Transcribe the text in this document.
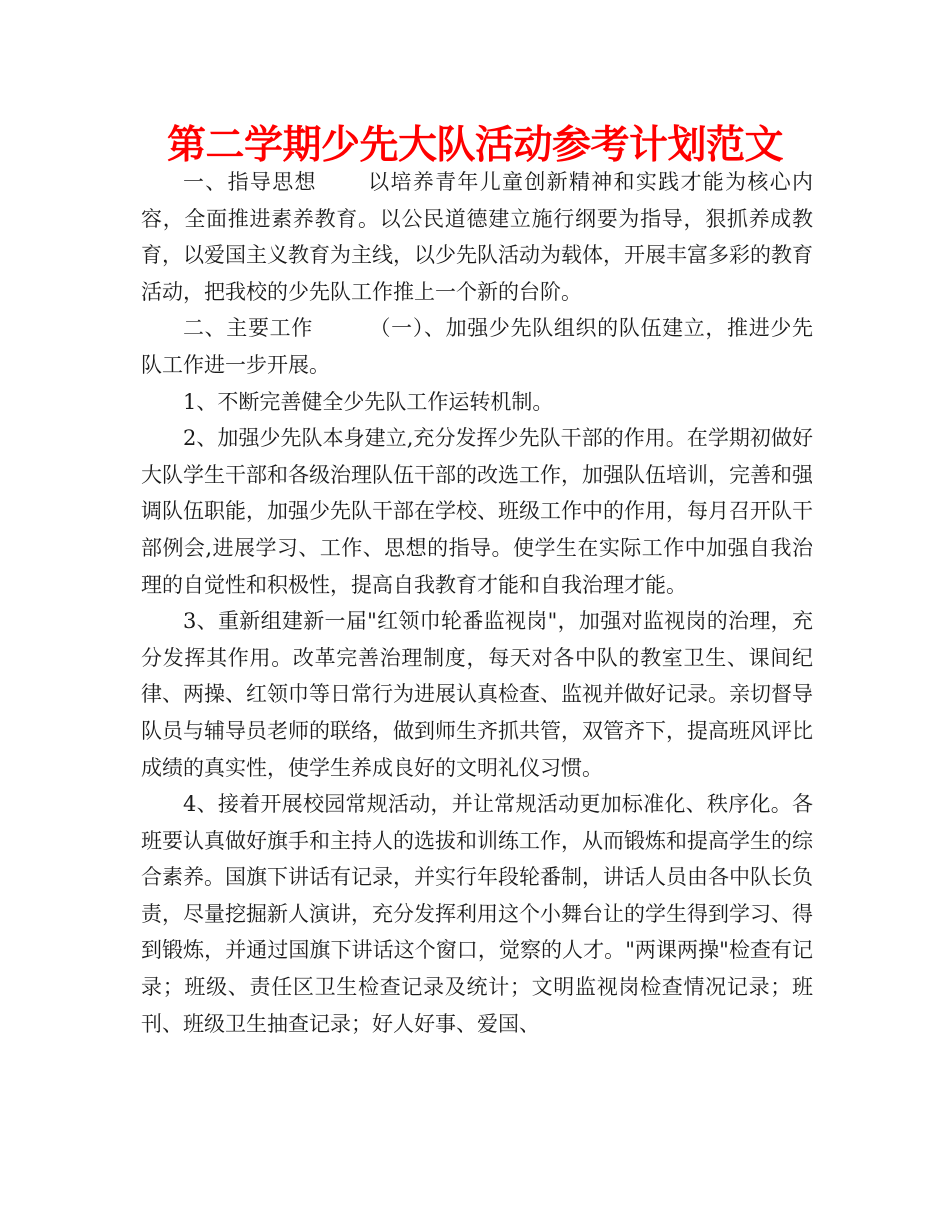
第二学期少先大队活动参考计划范文

一、指导思想 以培养青年儿童创新精神和实践才能为核心内容，全面推进素养教育。以公民道德建立施行纲要为指导，狠抓养成教育，以爱国主义教育为主线，以少先队活动为载体，开展丰富多彩的教育活动，把我校的少先队工作推上一个新的台阶。

二、主要工作	（一）、加强少先队组织的队伍建立，推进少先队工作进一步开展。

1、不断完善健全少先队工作运转机制。

2、加强少先队本身建立,充分发挥少先队干部的作用。在学期初做好大队学生干部和各级治理队伍干部的改选工作，加强队伍培训，完善和强调队伍职能，加强少先队干部在学校、班级工作中的作用，每月召开队干部例会,进展学习、工作、思想的指导。使学生在实际工作中加强自我治理的自觉性和积极性，提高自我教育才能和自我治理才能。

3、重新组建新一届"红领巾轮番监视岗"，加强对监视岗的治理，充分发挥其作用。改革完善治理制度，每天对各中队的教室卫生、课间纪律、两操、红领巾等日常行为进展认真检查、监视并做好记录。亲切督导队员与辅导员老师的联络，做到师生齐抓共管，双管齐下，提高班风评比成绩的真实性，使学生养成良好的文明礼仪习惯。

4、接着开展校园常规活动，并让常规活动更加标准化、秩序化。各班要认真做好旗手和主持人的选拔和训练工作，从而锻炼和提高学生的综合素养。国旗下讲话有记录，并实行年段轮番制，讲话人员由各中队长负责，尽量挖掘新人演讲，充分发挥利用这个小舞台让的学生得到学习、得到锻炼，并通过国旗下讲话这个窗口，觉察的人才。"两课两操"检查有记录；班级、责任区卫生检查记录及统计；文明监视岗检查情况记录；班刊、班级卫生抽查记录；好人好事、爱国、
